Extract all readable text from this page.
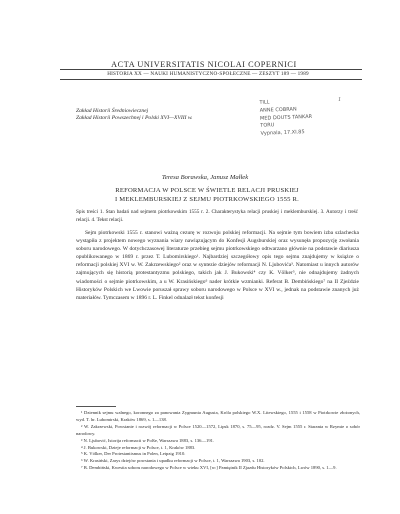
ACTA UNIVERSITATIS NICOLAI COPERNICI
HISTORIA XX — NAUKI HUMANISTYCZNO-SPOŁECZNE — ZESZYT 189 — 1989
Zakład Historii Średniowiecznej
Zakład Historii Powszechnej i Polski XVI—XVIII w.
TILL
ANNE COBRAN
MED DOUTS TANKAR
TORU
Vypnala, 17.XI.85
Teresa Borawska, Janusz Małłek
REFORMACJA W POLSCE W ŚWIETLE RELACJI PRUSKIEJ
I MEKLEMBURSKIEJ Z SEJMU PIOTRKOWSKIEGO 1555 R.
Spis treści 1. Stan badań nad sejmem piotrkowskim 1555 r. 2. Charakterystyka relacji pruskiej i meklemburskiej. 3. Autorzy i treść relacji. 4. Tekst relacji.

Sejm piotrkowski 1555 r. stanowi ważną cezurę w rozwoju polskiej reformacji. Na sejmie tym bowiem izba szlachecka wystąpiła z projektem nowego wyznania wiary nawiązującym do Konfesji Augsburskiej oraz wysunęła propozycję zwołania soboru narodowego. W dotychczasowej literaturze przebieg sejmu piotrkowskiego odtwarzano głównie na podstawie diariusza opublikowanego w 1869 r. przez T. Lubomirskiego¹. Najbardziej szczegółowy opis tego sejmu znajdujemy w książce o reformacji polskiej XVI w. W. Zakrzewskiego² oraz w syntezie dziejów reformacji N. Ljubovića³. Natomiast u innych autorów zajmujących się historią protestantyzmu polskiego, takich jak J. Bukowski⁴ czy K. Völker⁵, nie odnajdujemy żadnych wiadomości o sejmie piotrkowskim, a u W. Krasińskiego⁶ nader krótkie wzmianki. Referat B. Dembińskiego⁷ na II Zjeździe Historyków Polskich we Lwowie poruszał sprawy soboru narodowego w Polsce w XVI w., jednak na podstawie znanych już materiałów. Tymczasem w 1896 r. L. Finkel odnalazł tekst konfesji

¹ Dziennik sejmu walnego, koronnego za panowania Zygmunta Augusta, Króla polskiego W.X. Litewskiego, 1555 i 1558 w Piotrkowie złożonych, wyd. T. hr. Lubomirski, Kraków 1869, s. 1—138.
² W. Zakrzewski, Powstanie i rozwój reformacji w Polsce 1520—1572, Lipsk 1870, s. 75—95, rozdz. V. Sejm 1555 r. Starania w Rzymie o sobór narodowy.
³ N. Ljubović, Istorija reformacii w Polše, Warszawa 1883, s. 136—191.
⁴ J. Bukowski, Dzieje reformacji w Polsce, t. 1, Kraków 1883.
⁵ K. Völker, Der Protestantismus in Polen, Leipzig 1910.
⁶ W. Krasiński, Zarys dziejów powstania i upadku reformacji w Polsce, t. 1, Warszawa 1903, s. 102.
⁷ B. Dembiński, Kwestia soboru narodowego w Polsce w wieku XVI, [w:] Pamiętnik II Zjazdu Historyków Polskich, Lwów 1890, s. 1—9.
1
